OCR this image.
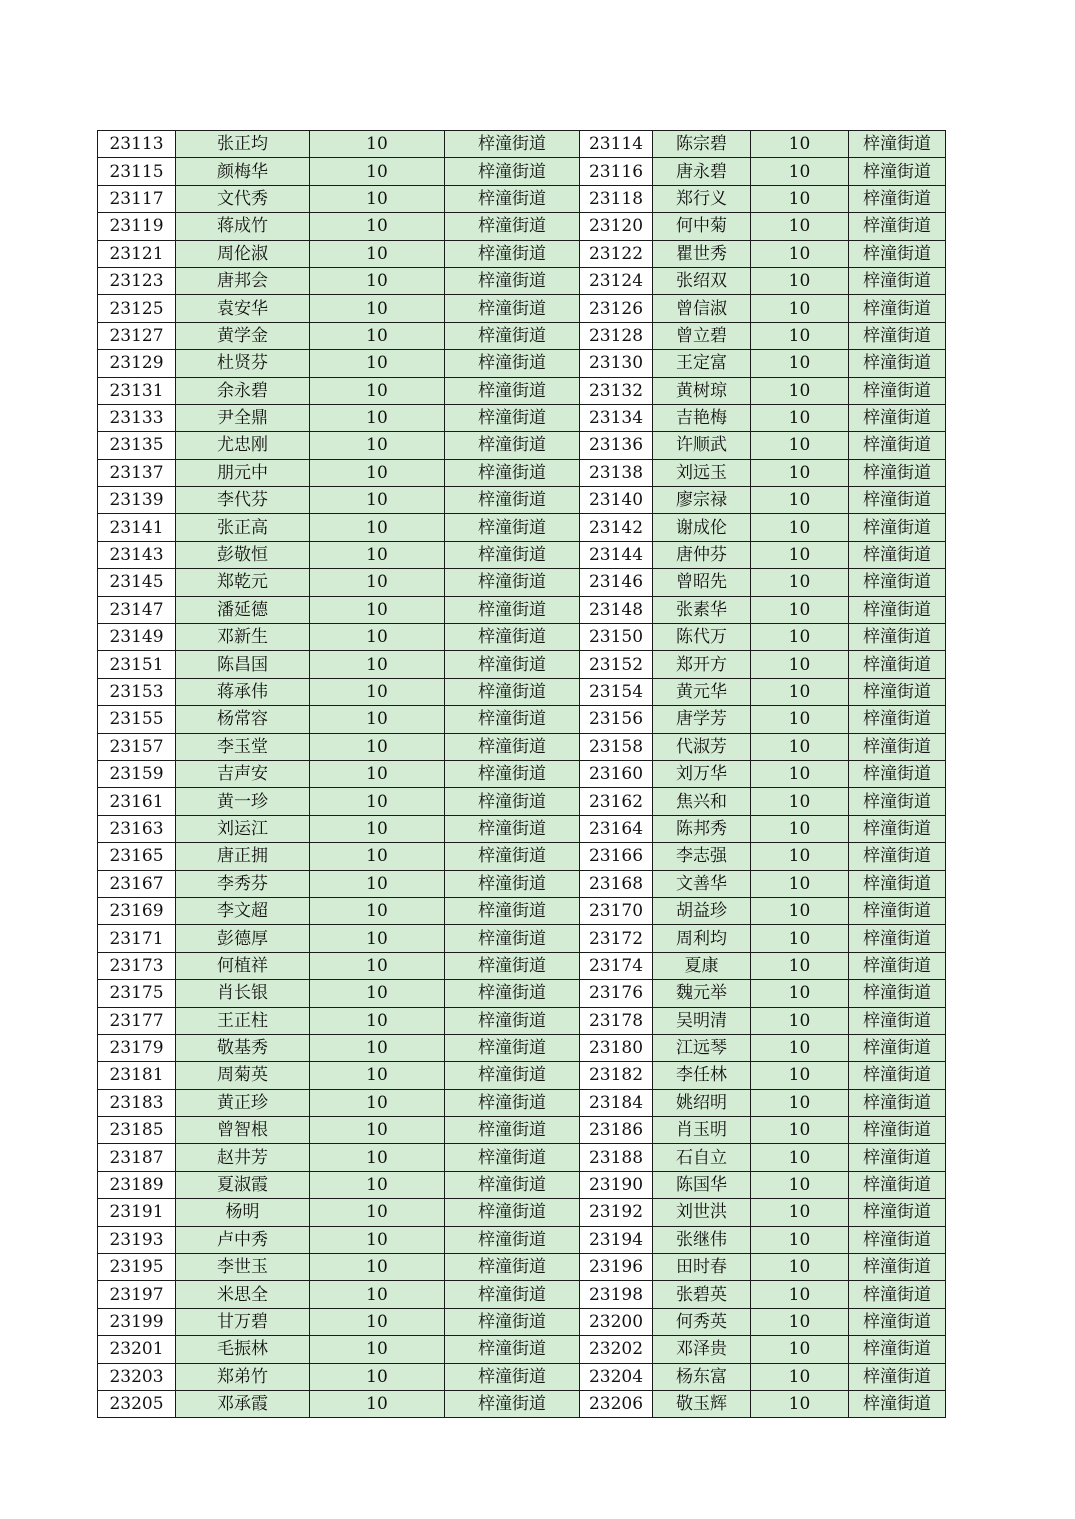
23113	张正均	10	梓潼街道	23114	陈宗碧	10	梓潼街道
23115	颜梅华	10	梓潼街道	23116	唐永碧	10	梓潼街道
23117	文代秀	10	梓潼街道	23118	郑行义	10	梓潼街道
23119	蒋成竹	10	梓潼街道	23120	何中菊	10	梓潼街道
23121	周伦淑	10	梓潼街道	23122	瞿世秀	10	梓潼街道
23123	唐邦会	10	梓潼街道	23124	张绍双	10	梓潼街道
23125	袁安华	10	梓潼街道	23126	曾信淑	10	梓潼街道
23127	黄学金	10	梓潼街道	23128	曾立碧	10	梓潼街道
23129	杜贤芬	10	梓潼街道	23130	王定富	10	梓潼街道
23131	余永碧	10	梓潼街道	23132	黄树琼	10	梓潼街道
23133	尹全鼎	10	梓潼街道	23134	吉艳梅	10	梓潼街道
23135	尤忠刚	10	梓潼街道	23136	许顺武	10	梓潼街道
23137	朋元中	10	梓潼街道	23138	刘远玉	10	梓潼街道
23139	李代芬	10	梓潼街道	23140	廖宗禄	10	梓潼街道
23141	张正高	10	梓潼街道	23142	谢成伦	10	梓潼街道
23143	彭敬恒	10	梓潼街道	23144	唐仲芬	10	梓潼街道
23145	郑乾元	10	梓潼街道	23146	曾昭先	10	梓潼街道
23147	潘延德	10	梓潼街道	23148	张素华	10	梓潼街道
23149	邓新生	10	梓潼街道	23150	陈代万	10	梓潼街道
23151	陈昌国	10	梓潼街道	23152	郑开方	10	梓潼街道
23153	蒋承伟	10	梓潼街道	23154	黄元华	10	梓潼街道
23155	杨常容	10	梓潼街道	23156	唐学芳	10	梓潼街道
23157	李玉堂	10	梓潼街道	23158	代淑芳	10	梓潼街道
23159	吉声安	10	梓潼街道	23160	刘万华	10	梓潼街道
23161	黄一珍	10	梓潼街道	23162	焦兴和	10	梓潼街道
23163	刘运江	10	梓潼街道	23164	陈邦秀	10	梓潼街道
23165	唐正拥	10	梓潼街道	23166	李志强	10	梓潼街道
23167	李秀芬	10	梓潼街道	23168	文善华	10	梓潼街道
23169	李文超	10	梓潼街道	23170	胡益珍	10	梓潼街道
23171	彭德厚	10	梓潼街道	23172	周利均	10	梓潼街道
23173	何植祥	10	梓潼街道	23174	夏康	10	梓潼街道
23175	肖长银	10	梓潼街道	23176	魏元举	10	梓潼街道
23177	王正柱	10	梓潼街道	23178	吴明清	10	梓潼街道
23179	敬基秀	10	梓潼街道	23180	江远琴	10	梓潼街道
23181	周菊英	10	梓潼街道	23182	李任林	10	梓潼街道
23183	黄正珍	10	梓潼街道	23184	姚绍明	10	梓潼街道
23185	曾智根	10	梓潼街道	23186	肖玉明	10	梓潼街道
23187	赵井芳	10	梓潼街道	23188	石自立	10	梓潼街道
23189	夏淑霞	10	梓潼街道	23190	陈国华	10	梓潼街道
23191	杨明	10	梓潼街道	23192	刘世洪	10	梓潼街道
23193	卢中秀	10	梓潼街道	23194	张继伟	10	梓潼街道
23195	李世玉	10	梓潼街道	23196	田时春	10	梓潼街道
23197	米思全	10	梓潼街道	23198	张碧英	10	梓潼街道
23199	甘万碧	10	梓潼街道	23200	何秀英	10	梓潼街道
23201	毛振林	10	梓潼街道	23202	邓泽贵	10	梓潼街道
23203	郑弟竹	10	梓潼街道	23204	杨东富	10	梓潼街道
23205	邓承霞	10	梓潼街道	23206	敬玉辉	10	梓潼街道
